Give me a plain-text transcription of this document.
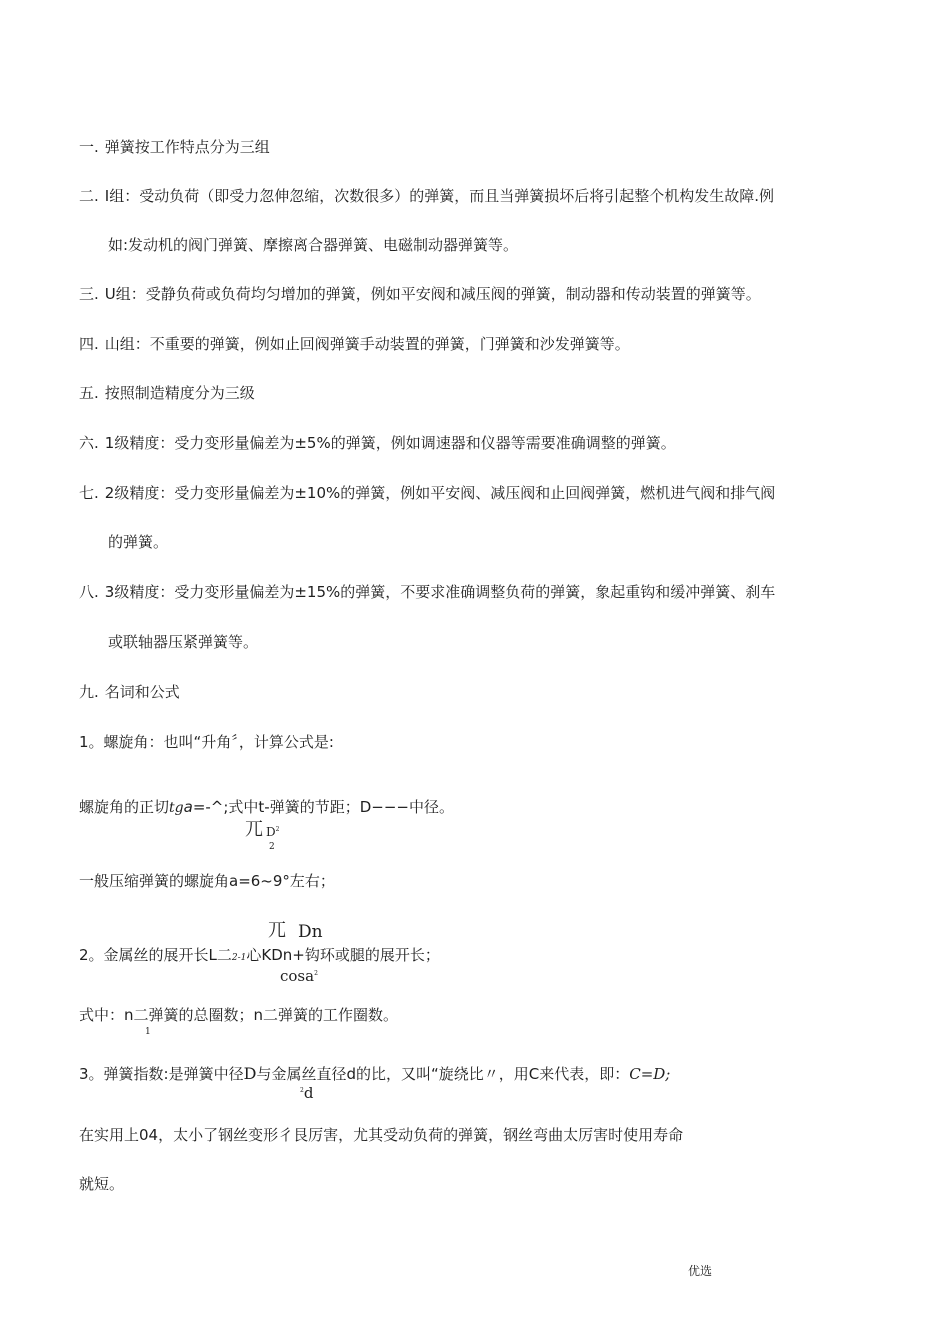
一. 弹簧按工作特点分为三组
二. I组：受动负荷（即受力忽伸忽缩，次数很多）的弹簧，而且当弹簧损坏后将引起整个机构发生故障.例
如:发动机的阀门弹簧、摩擦离合器弹簧、电磁制动器弹簧等。
三. U组：受静负荷或负荷均匀增加的弹簧，例如平安阀和减压阀的弹簧，制动器和传动装置的弹簧等。
四. 山组：不重要的弹簧，例如止回阀弹簧手动装置的弹簧，门弹簧和沙发弹簧等。
五. 按照制造精度分为三级
六. 1级精度：受力变形量偏差为±5%的弹簧，例如调速器和仪器等需要准确调整的弹簧。
七. 2级精度：受力变形量偏差为±10%的弹簧，例如平安阀、减压阀和止回阀弹簧，燃机进气阀和排气阀
的弹簧。
八. 3级精度：受力变形量偏差为±15%的弹簧，不要求准确调整负荷的弹簧，象起重钩和缓冲弹簧、刹车
或联轴器压紧弹簧等。
九. 名词和公式
1。螺旋角：也叫“升角〞，计算公式是:
螺旋角的正切tga=-^;式中t-弹簧的节距；D−−−中径。
兀 $D^2$
2
一般压缩弹簧的螺旋角a=6~9°左右；
兀 Dn
2。金属丝的展开长L二2-1心KDn+钩环或腿的展开长；
cosa$^2$
式中：n二弹簧的总圈数；n二弹簧的工作圈数。
1
3。弹簧指数:是弹簧中径D与金属丝直径d的比，又叫“旋绕比〃，用C来代表，即：C=D;
$^2$d
在实用上04，太小了钢丝变形彳艮厉害，尤其受动负荷的弹簧，钢丝弯曲太厉害时使用寿命
就短。
优选
